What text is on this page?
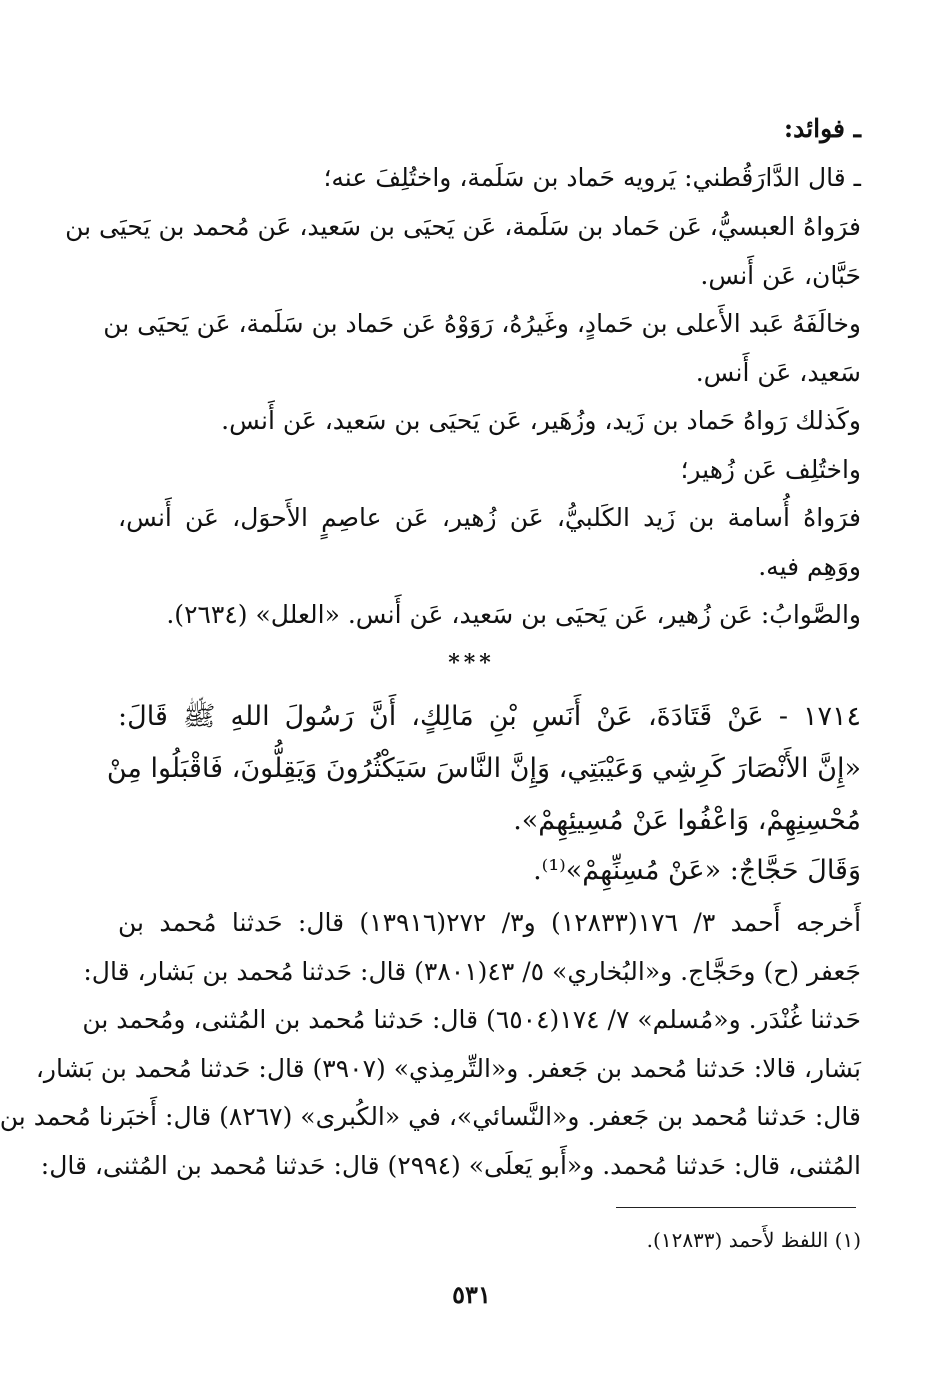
ـ فوائد:
ـ قال الدَّارَقُطني: يَرويه حَماد بن سَلَمة، واختُلِفَ عنه؛
فرَواهُ العبسيُّ، عَن حَماد بن سَلَمة، عَن يَحيَى بن سَعيد، عَن مُحمد بن يَحيَى بن
حَبَّان، عَن أَنس.
وخالَفَهُ عَبد الأَعلى بن حَمادٍ، وغَيرُهُ، رَوَوْهُ عَن حَماد بن سَلَمة، عَن يَحيَى بن
سَعيد، عَن أَنس.
وكَذلك رَواهُ حَماد بن زَيد، وزُهَير، عَن يَحيَى بن سَعيد، عَن أَنس.
واختُلِف عَن زُهير؛
فرَواهُ أُسامة بن زَيد الكَلبيُّ، عَن زُهير، عَن عاصِمٍ الأَحوَل، عَن أَنس،
ووَهِم فيه.
والصَّوابُ: عَن زُهير، عَن يَحيَى بن سَعيد، عَن أَنس. «العلل» (٢٦٣٤).
***
١٧١٤ - عَنْ قَتَادَةَ، عَنْ أَنَسِ بْنِ مَالِكٍ، أَنَّ رَسُولَ اللهِ ﷺ قَالَ:
«إِنَّ الأَنْصَارَ كَرِشِي وَعَيْبَتِي، وَإِنَّ النَّاسَ سَيَكْثُرُونَ وَيَقِلُّونَ، فَاقْبَلُوا مِنْ
مُحْسِنِهِمْ، وَاعْفُوا عَنْ مُسِيئِهِمْ».
وَقَالَ حَجَّاجٌ: «عَنْ مُسِنِّهِمْ»⁽¹⁾.
أَخرجه أَحمد ٣/ ١٧٦(١٢٨٣٣) و٣/ ٢٧٢(١٣٩١٦) قال: حَدثنا مُحمد بن
جَعفر (ح) وحَجَّاج. و«البُخاري» ٥/ ٤٣(٣٨٠١) قال: حَدثنا مُحمد بن بَشار، قال:
حَدثنا غُنْدَر. و«مُسلم» ٧/ ١٧٤(٦٥٠٤) قال: حَدثنا مُحمد بن المُثنى، ومُحمد بن
بَشار، قالا: حَدثنا مُحمد بن جَعفر. و«التِّرمِذي» (٣٩٠٧) قال: حَدثنا مُحمد بن بَشار،
قال: حَدثنا مُحمد بن جَعفر. و«النَّسائي»، في «الكُبرى» (٨٢٦٧) قال: أَخبَرنا مُحمد بن
المُثنى، قال: حَدثنا مُحمد. و«أَبو يَعلَى» (٢٩٩٤) قال: حَدثنا مُحمد بن المُثنى، قال:
(١) اللفظ لأَحمد (١٢٨٣٣).
٥٣١
